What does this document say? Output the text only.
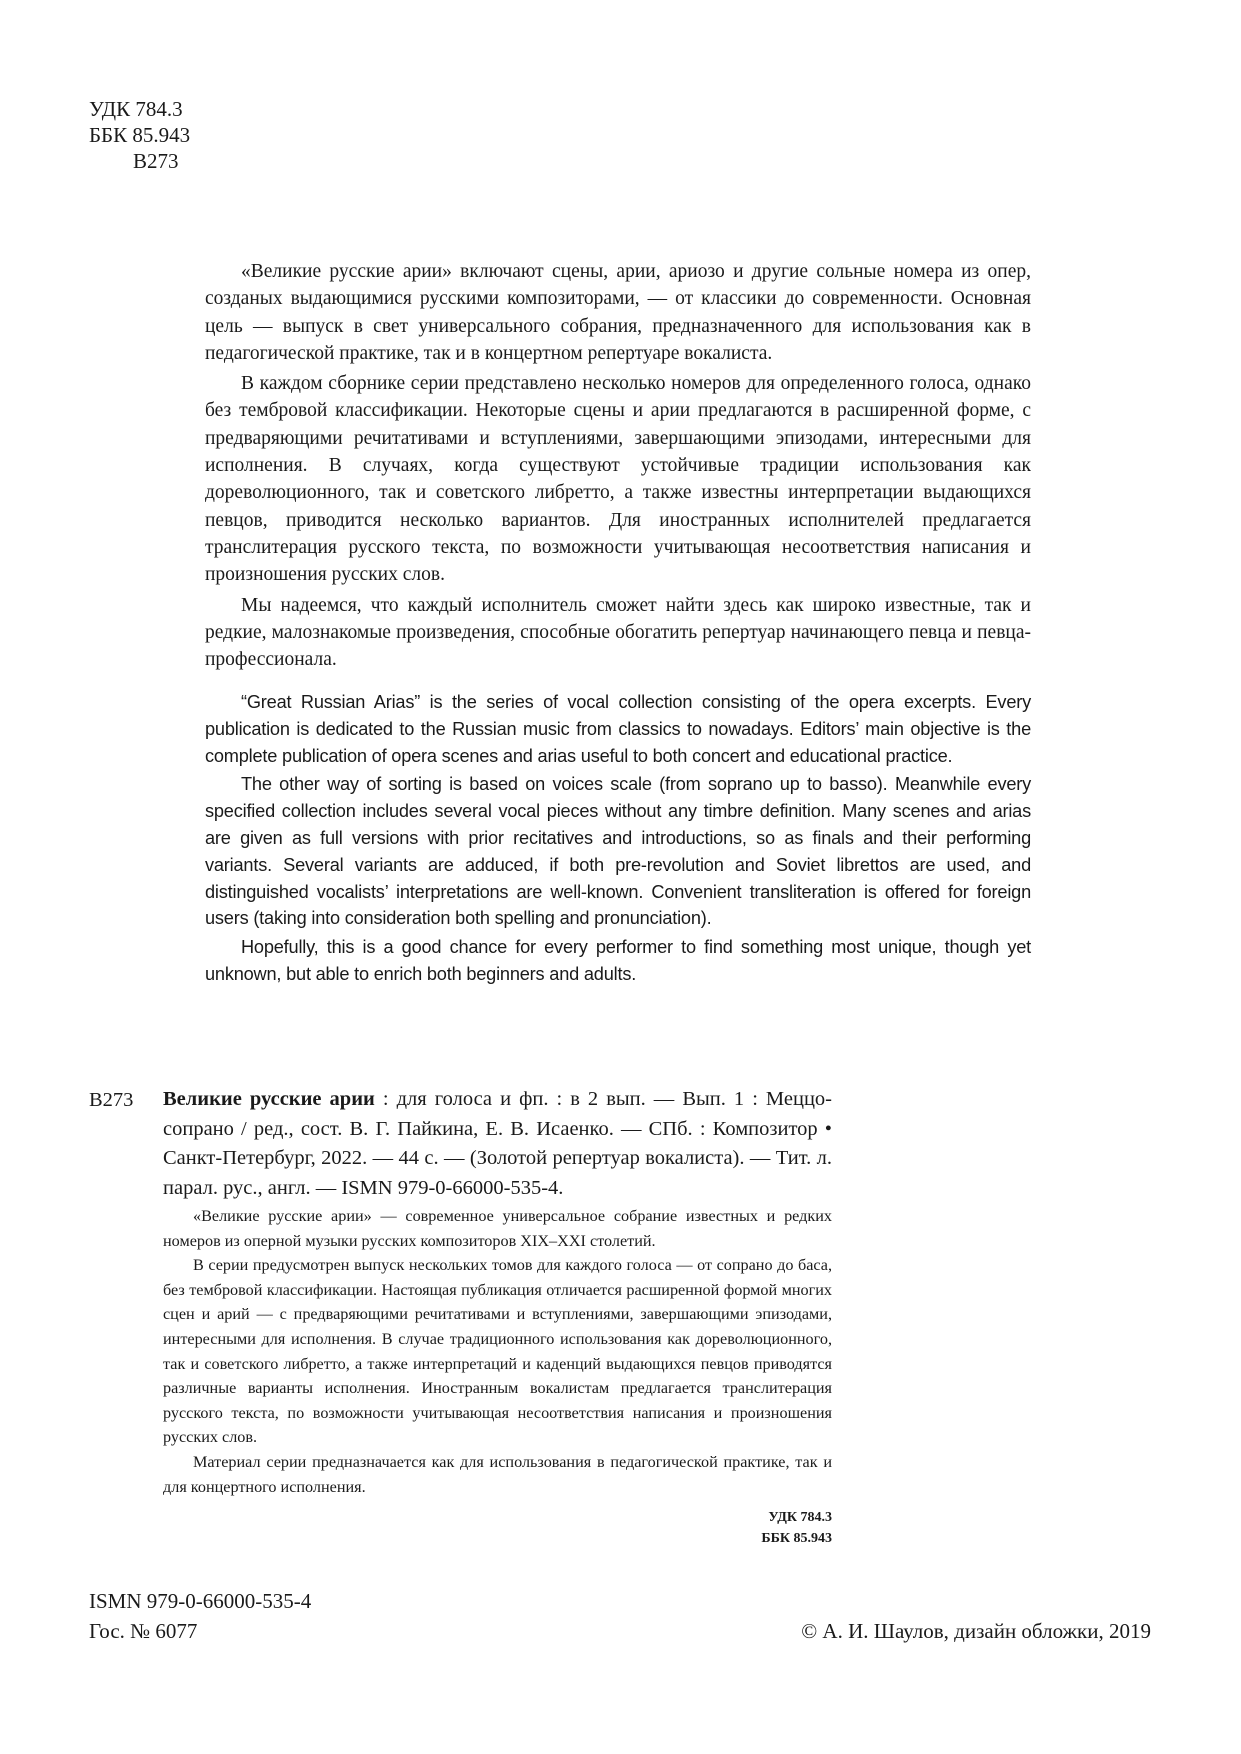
УДК 784.3
ББК 85.943
В273

«Великие русские арии» включают сцены, арии, ариозо и другие сольные номера из опер, созданых выдающимися русскими композиторами, — от классики до современности. Основная цель — выпуск в свет универсального собрания, предназначенного для использования как в педагогической практике, так и в концертном репертуаре вокалиста.

В каждом сборнике серии представлено несколько номеров для определенного голоса, однако без тембровой классификации. Некоторые сцены и арии предлагаются в расширенной форме, с предваряющими речитативами и вступлениями, завершающими эпизодами, интересными для исполнения. В случаях, когда существуют устойчивые традиции использования как дореволюционного, так и советского либретто, а также известны интерпретации выдающихся певцов, приводится несколько вариантов. Для иностранных исполнителей предлагается транслитерация русского текста, по возможности учитывающая несоответствия написания и произношения русских слов.

Мы надеемся, что каждый исполнитель сможет найти здесь как широко известные, так и редкие, малознакомые произведения, способные обогатить репертуар начинающего певца и певца-профессионала.

“Great Russian Arias” is the series of vocal collection consisting of the opera excerpts. Every publication is dedicated to the Russian music from classics to nowadays. Editors’ main objective is the complete publication of opera scenes and arias useful to both concert and educational practice.

The other way of sorting is based on voices scale (from soprano up to basso). Meanwhile every specified collection includes several vocal pieces without any timbre definition. Many scenes and arias are given as full versions with prior recitatives and introductions, so as finals and their performing variants. Several variants are adduced, if both pre-revolution and Soviet librettos are used, and distinguished vocalists’ interpretations are well-known. Convenient transliteration is offered for foreign users (taking into consideration both spelling and pronunciation).

Hopefully, this is a good chance for every performer to find something most unique, though yet unknown, but able to enrich both beginners and adults.

В273 Великие русские арии : для голоса и фп. : в 2 вып. — Вып. 1 : Меццо-сопрано / ред., сост. В. Г. Пайкина, Е. В. Исаенко. — СПб. : Композитор • Санкт-Петербург, 2022. — 44 с. — (Золотой репертуар вокалиста). — Тит. л. парал. рус., англ. — ISMN 979-0-66000-535-4.

«Великие русские арии» — современное универсальное собрание известных и редких номеров из оперной музыки русских композиторов XIX–XXI столетий.

В серии предусмотрен выпуск нескольких томов для каждого голоса — от сопрано до баса, без тембровой классификации. Настоящая публикация отличается расширенной формой многих сцен и арий — с предваряющими речитативами и вступлениями, завершающими эпизодами, интересными для исполнения. В случае традиционного использования как дореволюционного, так и советского либретто, а также интерпретаций и каденций выдающихся певцов приводятся различные варианты исполнения. Иностранным вокалистам предлагается транслитерация русского текста, по возможности учитывающая несоответствия написания и произношения русских слов.

Материал серии предназначается как для использования в педагогической практике, так и для концертного исполнения.

УДК 784.3
ББК 85.943
ISMN 979-0-66000-535-4
Гос. № 6077	© А. И. Шаулов, дизайн обложки, 2019
